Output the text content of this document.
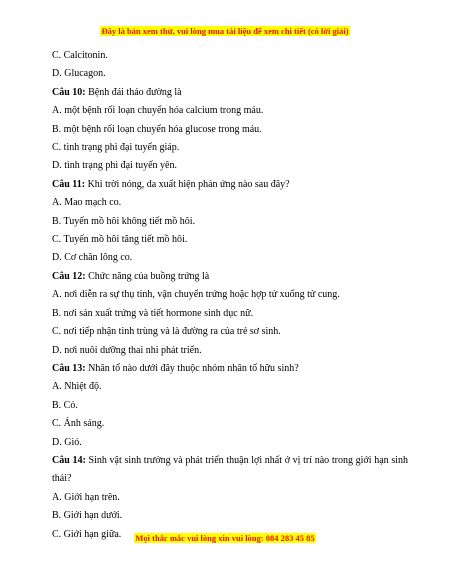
Đây là bản xem thử, vui lòng mua tài liệu để xem chi tiết (có lời giải)
C. Calcitonin.
D. Glucagon.
Câu 10: Bệnh đái tháo đường là
A. một bệnh rối loạn chuyển hóa calcium trong máu.
B. một bệnh rối loạn chuyển hóa glucose trong máu.
C. tình trạng phì đại tuyến giáp.
D. tình trạng phì đại tuyến yên.
Câu 11: Khi trời nóng, da xuất hiện phản ứng nào sau đây?
A. Mao mạch co.
B. Tuyến mồ hôi không tiết mồ hôi.
C. Tuyến mồ hôi tăng tiết mồ hôi.
D. Cơ chân lông co.
Câu 12: Chức năng của buồng trứng là
A. nơi diễn ra sự thụ tinh, vận chuyển trứng hoặc hợp tử xuống tử cung.
B. nơi sản xuất trứng và tiết hormone sinh dục nữ.
C. nơi tiếp nhận tinh trùng và là đường ra của trẻ sơ sinh.
D. nơi nuôi dưỡng thai nhi phát triển.
Câu 13: Nhân tố nào dưới đây thuộc nhóm nhân tố hữu sinh?
A. Nhiệt độ.
B. Cỏ.
C. Ánh sáng.
D. Gió.
Câu 14: Sinh vật sinh trưởng và phát triển thuận lợi nhất ở vị trí nào trong giới hạn sinh thái?
A. Giới hạn trên.
B. Giới hạn dưới.
C. Giới hạn giữa.	Mọi thắc mắc vui lòng xin vui lòng: 084 283 45 85
